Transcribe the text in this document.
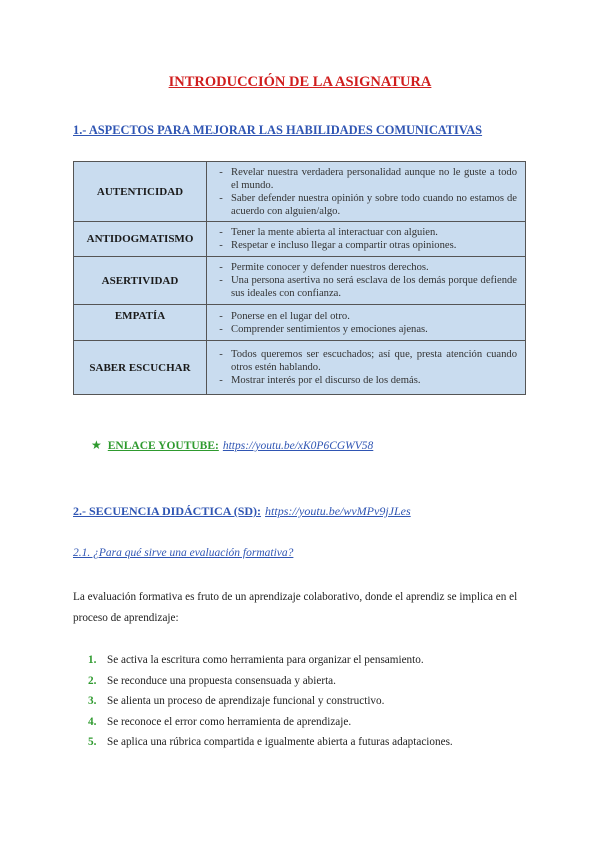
INTRODUCCIÓN DE LA ASIGNATURA
1.- ASPECTOS PARA MEJORAR LAS HABILIDADES COMUNICATIVAS
AUTENTICIDAD	- Revelar nuestra verdadera personalidad aunque no le guste a todo el mundo.
- Saber defender nuestra opinión y sobre todo cuando no estamos de acuerdo con alguien/algo.

ANTIDOGMATISMO	- Tener la mente abierta al interactuar con alguien.
- Respetar e incluso llegar a compartir otras opiniones.

ASERTIVIDAD	- Permite conocer y defender nuestros derechos.
- Una persona asertiva no será esclava de los demás porque defiende sus ideales con confianza.

EMPATÍA	- Ponerse en el lugar del otro.
- Comprender sentimientos y emociones ajenas.

SABER ESCUCHAR	- Todos queremos ser escuchados; así que, presta atención cuando otros estén hablando.
- Mostrar interés por el discurso de los demás.
★ ENLACE YOUTUBE: https://youtu.be/xK0P6CGWV58
2.- SECUENCIA DIDÁCTICA (SD): https://youtu.be/wvMPv9jJLes
2.1. ¿Para qué sirve una evaluación formativa?
La evaluación formativa es fruto de un aprendizaje colaborativo, donde el aprendiz se implica en el proceso de aprendizaje:
1. Se activa la escritura como herramienta para organizar el pensamiento.
2. Se reconduce una propuesta consensuada y abierta.
3. Se alienta un proceso de aprendizaje funcional y constructivo.
4. Se reconoce el error como herramienta de aprendizaje.
5. Se aplica una rúbrica compartida e igualmente abierta a futuras adaptaciones.
